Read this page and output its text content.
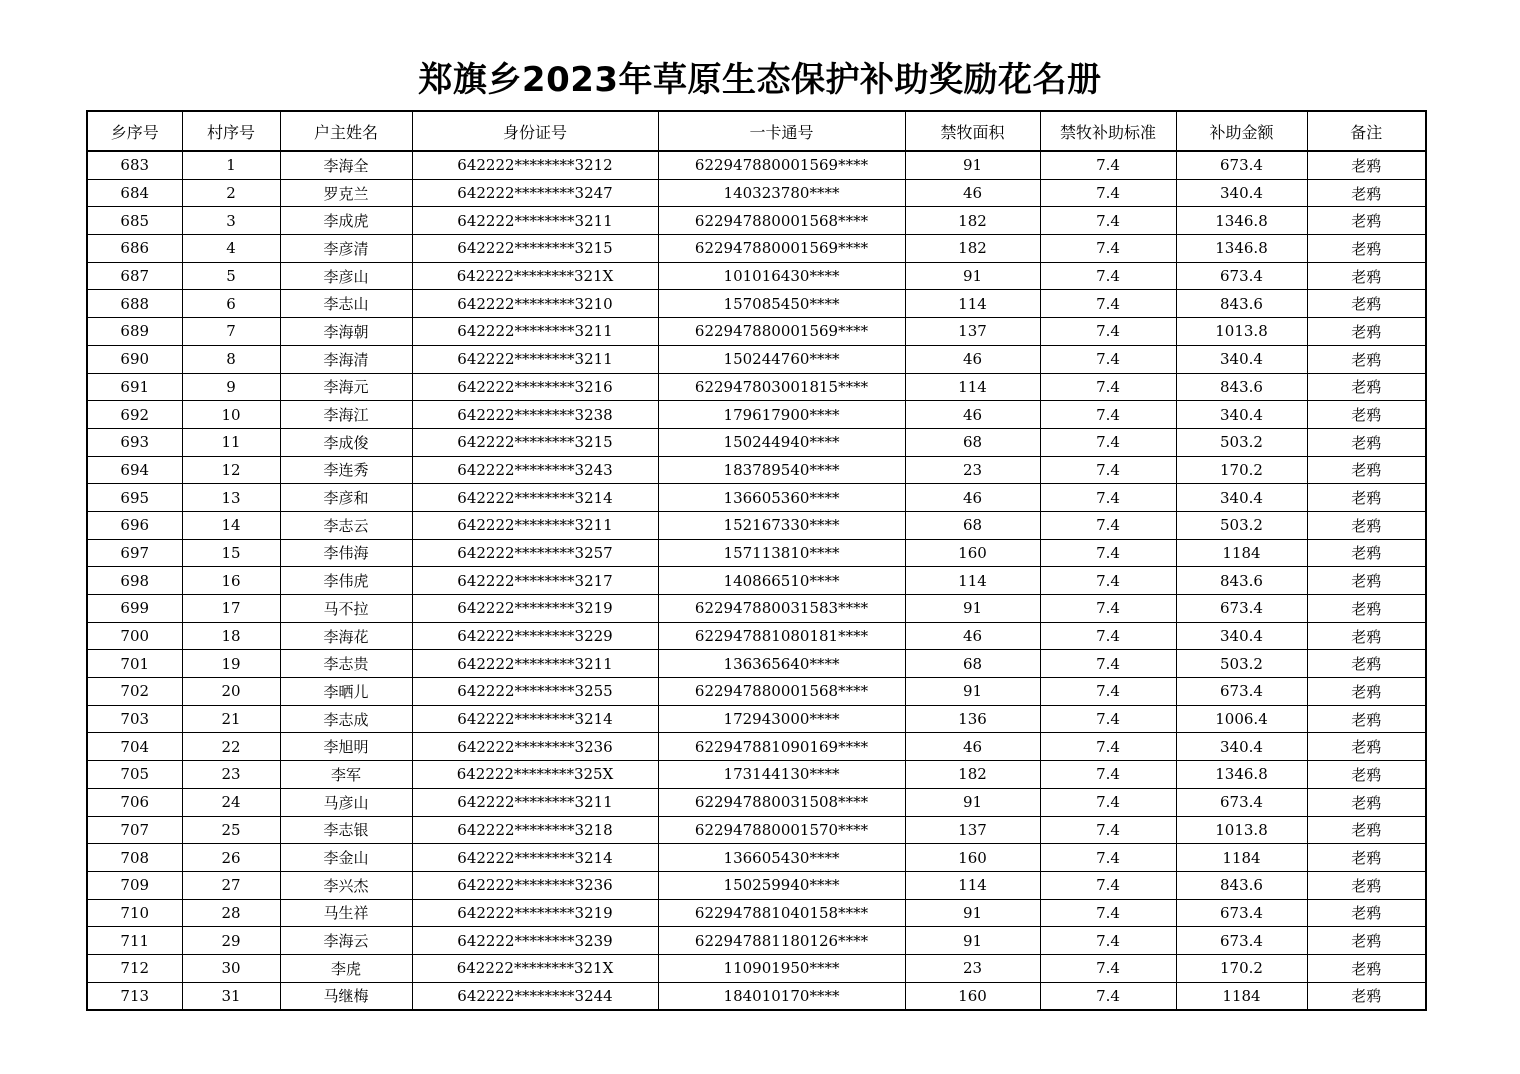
郑旗乡2023年草原生态保护补助奖励花名册
乡序号	村序号	户主姓名	身份证号	一卡通号	禁牧面积	禁牧补助标准	补助金额	备注
683	1	李海全	642222********3212	622947880001569****	91	7.4	673.4	老鸦
684	2	罗克兰	642222********3247	140323780****	46	7.4	340.4	老鸦
685	3	李成虎	642222********3211	622947880001568****	182	7.4	1346.8	老鸦
686	4	李彦清	642222********3215	622947880001569****	182	7.4	1346.8	老鸦
687	5	李彦山	642222********321X	101016430****	91	7.4	673.4	老鸦
688	6	李志山	642222********3210	157085450****	114	7.4	843.6	老鸦
689	7	李海朝	642222********3211	622947880001569****	137	7.4	1013.8	老鸦
690	8	李海清	642222********3211	150244760****	46	7.4	340.4	老鸦
691	9	李海元	642222********3216	622947803001815****	114	7.4	843.6	老鸦
692	10	李海江	642222********3238	179617900****	46	7.4	340.4	老鸦
693	11	李成俊	642222********3215	150244940****	68	7.4	503.2	老鸦
694	12	李连秀	642222********3243	183789540****	23	7.4	170.2	老鸦
695	13	李彦和	642222********3214	136605360****	46	7.4	340.4	老鸦
696	14	李志云	642222********3211	152167330****	68	7.4	503.2	老鸦
697	15	李伟海	642222********3257	157113810****	160	7.4	1184	老鸦
698	16	李伟虎	642222********3217	140866510****	114	7.4	843.6	老鸦
699	17	马不拉	642222********3219	622947880031583****	91	7.4	673.4	老鸦
700	18	李海花	642222********3229	622947881080181****	46	7.4	340.4	老鸦
701	19	李志贵	642222********3211	136365640****	68	7.4	503.2	老鸦
702	20	李晒儿	642222********3255	622947880001568****	91	7.4	673.4	老鸦
703	21	李志成	642222********3214	172943000****	136	7.4	1006.4	老鸦
704	22	李旭明	642222********3236	622947881090169****	46	7.4	340.4	老鸦
705	23	李军	642222********325X	173144130****	182	7.4	1346.8	老鸦
706	24	马彦山	642222********3211	622947880031508****	91	7.4	673.4	老鸦
707	25	李志银	642222********3218	622947880001570****	137	7.4	1013.8	老鸦
708	26	李金山	642222********3214	136605430****	160	7.4	1184	老鸦
709	27	李兴杰	642222********3236	150259940****	114	7.4	843.6	老鸦
710	28	马生祥	642222********3219	622947881040158****	91	7.4	673.4	老鸦
711	29	李海云	642222********3239	622947881180126****	91	7.4	673.4	老鸦
712	30	李虎	642222********321X	110901950****	23	7.4	170.2	老鸦
713	31	马继梅	642222********3244	184010170****	160	7.4	1184	老鸦
